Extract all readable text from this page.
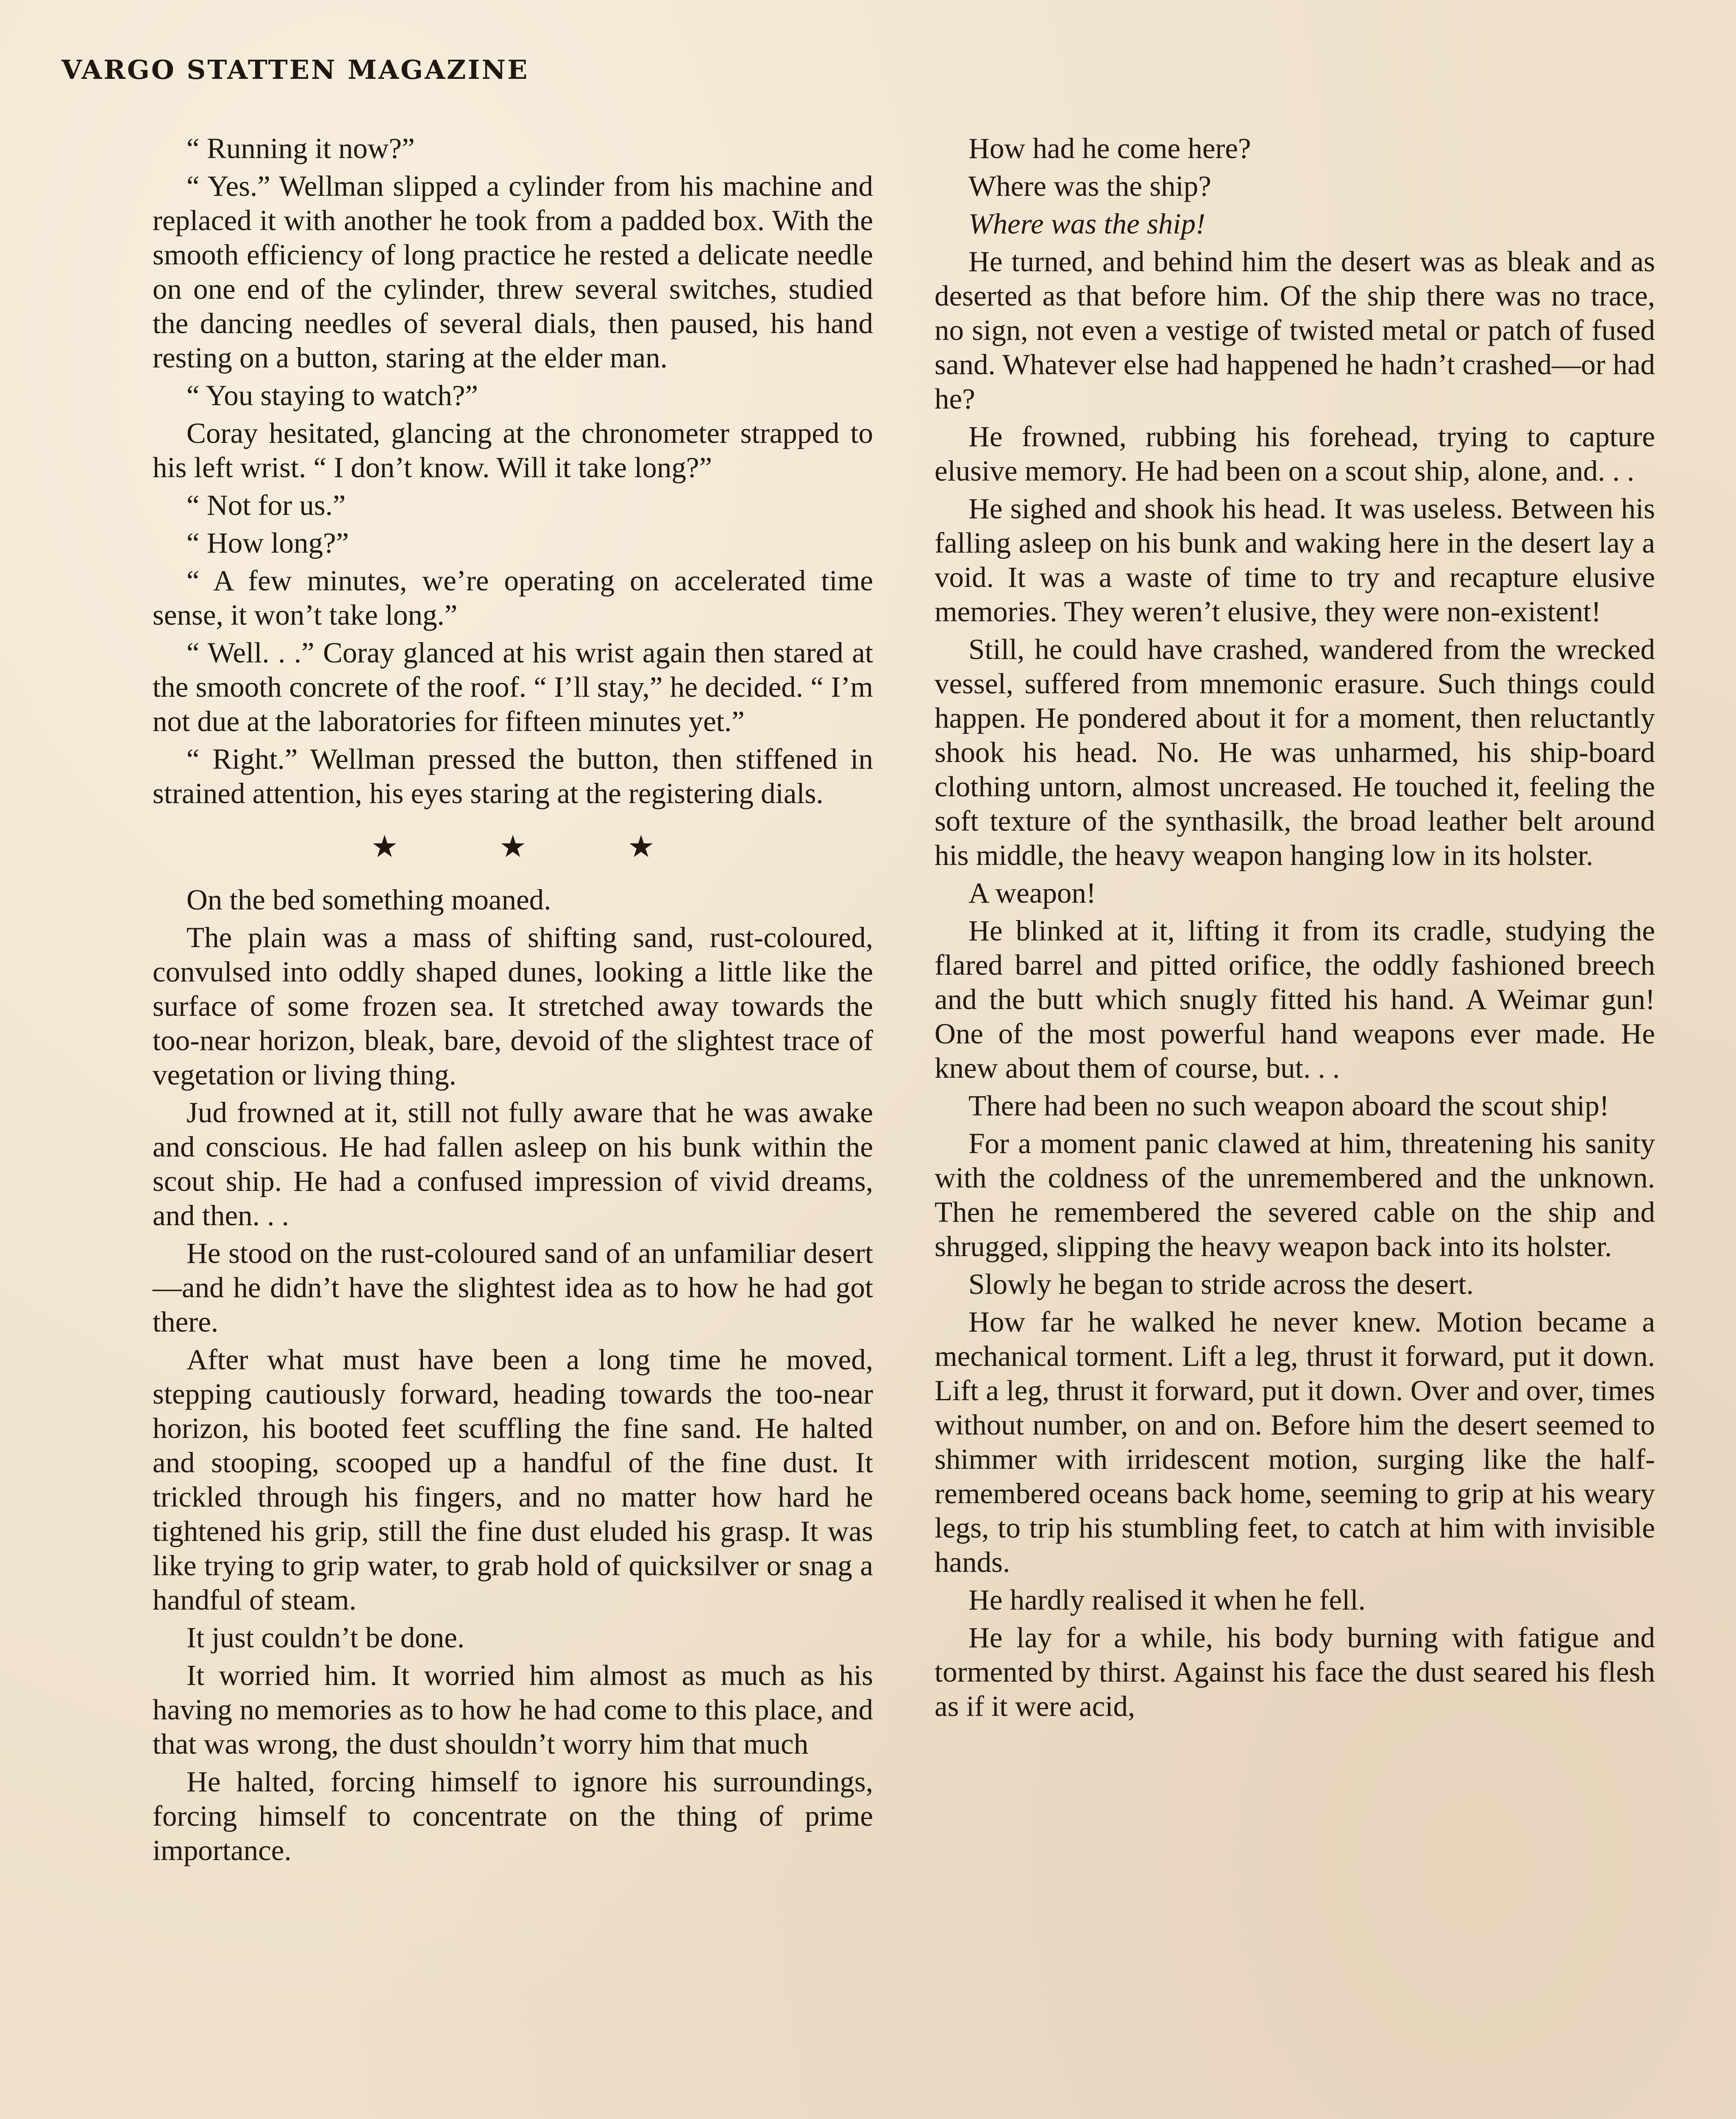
VARGO STATTEN MAGAZINE

“ Running it now?”

“ Yes.” Wellman slipped a cylinder from his machine and replaced it with another he took from a padded box. With the smooth efficiency of long practice he rested a delicate needle on one end of the cylinder, threw several switches, studied the dancing needles of several dials, then paused, his hand resting on a button, staring at the elder man.

“ You staying to watch?”

Coray hesitated, glancing at the chronometer strapped to his left wrist. “ I don’t know. Will it take long?”

“ Not for us.”

“ How long?”

“ A few minutes, we’re operating on accelerated time sense, it won’t take long.”

“ Well. . .” Coray glanced at his wrist again then stared at the smooth concrete of the roof. “ I’ll stay,” he decided. “ I’m not due at the laboratories for fifteen minutes yet.”

“ Right.” Wellman pressed the button, then stiffened in strained attention, his eyes staring at the registering dials.

★ ★ ★

On the bed something moaned.

The plain was a mass of shifting sand, rust-coloured, convulsed into oddly shaped dunes, looking a little like the surface of some frozen sea. It stretched away towards the too-near horizon, bleak, bare, devoid of the slightest trace of vegetation or living thing.

Jud frowned at it, still not fully aware that he was awake and conscious. He had fallen asleep on his bunk within the scout ship. He had a confused impression of vivid dreams, and then. . .

He stood on the rust-coloured sand of an unfamiliar desert—and he didn’t have the slightest idea as to how he had got there.

After what must have been a long time he moved, stepping cautiously forward, heading towards the too-near horizon, his booted feet scuffling the fine sand. He halted and stooping, scooped up a handful of the fine dust. It trickled through his fingers, and no matter how hard he tightened his grip, still the fine dust eluded his grasp. It was like trying to grip water, to grab hold of quicksilver or snag a handful of steam.

It just couldn’t be done.

It worried him. It worried him almost as much as his having no memories as to how he had come to this place, and that was wrong, the dust shouldn’t worry him that much

He halted, forcing himself to ignore his surroundings, forcing himself to concentrate on the thing of prime importance.

How had he come here?

Where was the ship?

Where was the ship!

He turned, and behind him the desert was as bleak and as deserted as that before him. Of the ship there was no trace, no sign, not even a vestige of twisted metal or patch of fused sand. Whatever else had happened he hadn’t crashed—or had he?

He frowned, rubbing his forehead, trying to capture elusive memory. He had been on a scout ship, alone, and. . .

He sighed and shook his head. It was useless. Between his falling asleep on his bunk and waking here in the desert lay a void. It was a waste of time to try and recapture elusive memories. They weren’t elusive, they were non-existent!

Still, he could have crashed, wandered from the wrecked vessel, suffered from mnemonic erasure. Such things could happen. He pondered about it for a moment, then reluctantly shook his head. No. He was unharmed, his ship-board clothing untorn, almost uncreased. He touched it, feeling the soft texture of the synthasilk, the broad leather belt around his middle, the heavy weapon hanging low in its holster.

A weapon!

He blinked at it, lifting it from its cradle, studying the flared barrel and pitted orifice, the oddly fashioned breech and the butt which snugly fitted his hand. A Weimar gun! One of the most powerful hand weapons ever made. He knew about them of course, but. . .

There had been no such weapon aboard the scout ship!

For a moment panic clawed at him, threatening his sanity with the coldness of the unremembered and the unknown. Then he remembered the severed cable on the ship and shrugged, slipping the heavy weapon back into its holster.

Slowly he began to stride across the desert.

How far he walked he never knew. Motion became a mechanical torment. Lift a leg, thrust it forward, put it down. Lift a leg, thrust it forward, put it down. Over and over, times without number, on and on. Before him the desert seemed to shimmer with irridescent motion, surging like the half-remembered oceans back home, seeming to grip at his weary legs, to trip his stumbling feet, to catch at him with invisible hands.

He hardly realised it when he fell.

He lay for a while, his body burning with fatigue and tormented by thirst. Against his face the dust seared his flesh as if it were acid,
